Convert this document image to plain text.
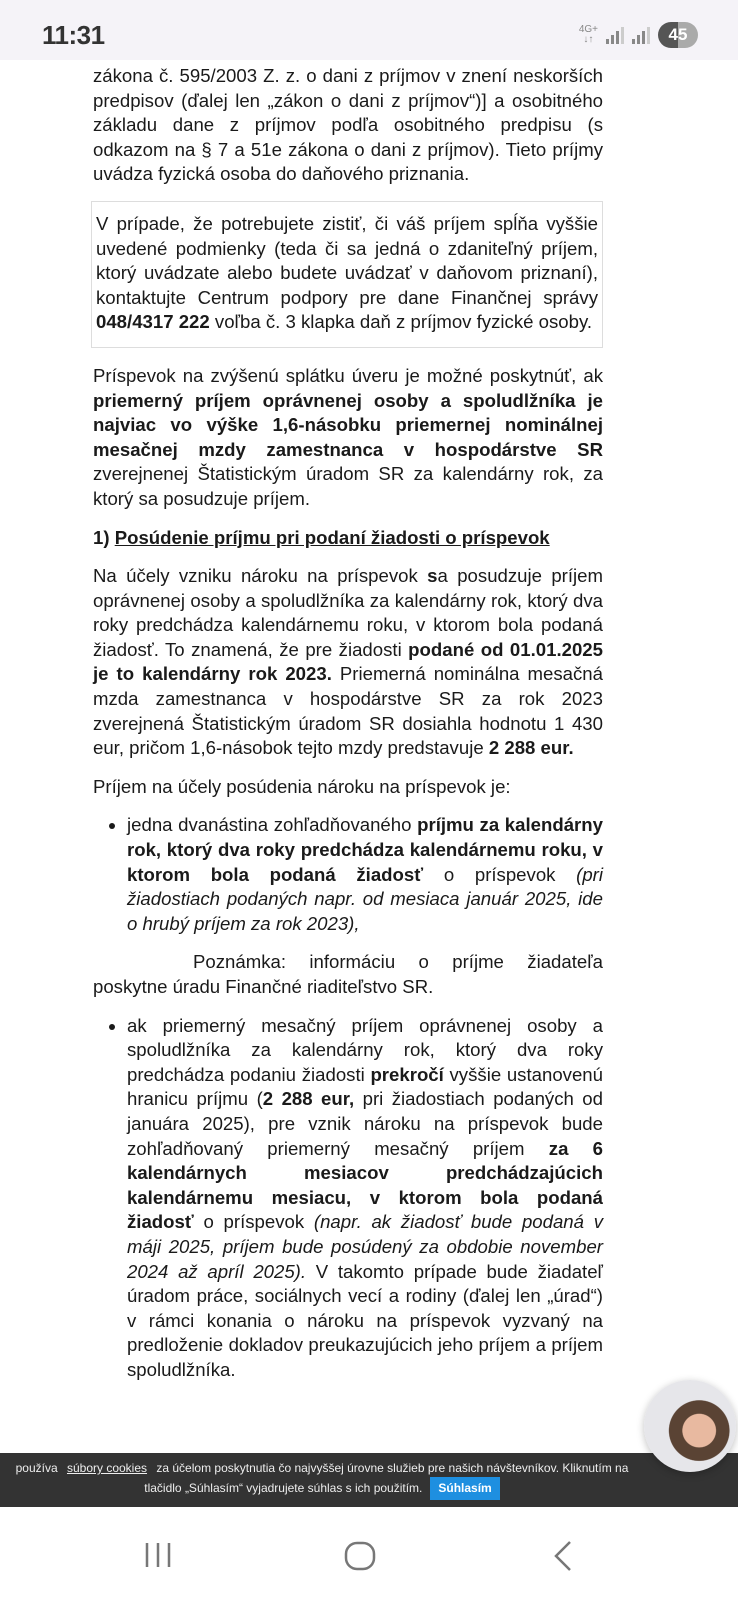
11:31	4G+
↓↑	45

zákona č. 595/2003 Z. z. o dani z príjmov v znení neskorších predpisov (ďalej len „zákon o dani z príjmov“)] a osobitného základu dane z príjmov podľa osobitného predpisu (s odkazom na § 7 a 51e zákona o dani z príjmov). Tieto príjmy uvádza fyzická osoba do daňového priznania.

V prípade, že potrebujete zistiť, či váš príjem spĺňa vyššie uvedené podmienky (teda či sa jedná o zdaniteľný príjem, ktorý uvádzate alebo budete uvádzať v daňovom priznaní), kontaktujte Centrum podpory pre dane Finančnej správy 048/4317 222 voľba č. 3 klapka daň z príjmov fyzické osoby.

Príspevok na zvýšenú splátku úveru je možné poskytnúť, ak priemerný príjem oprávnenej osoby a spoludlžníka je najviac vo výške 1,6-násobku priemernej nominálnej mesačnej mzdy zamestnanca v hospodárstve SR zverejnenej Štatistickým úradom SR za kalendárny rok, za ktorý sa posudzuje príjem.

1) Posúdenie príjmu pri podaní žiadosti o príspevok

Na účely vzniku nároku na príspevok sa posudzuje príjem oprávnenej osoby a spoludlžníka za kalendárny rok, ktorý dva roky predchádza kalendárnemu roku, v ktorom bola podaná žiadosť. To znamená, že pre žiadosti podané od 01.01.2025 je to kalendárny rok 2023. Priemerná nominálna mesačná mzda zamestnanca v hospodárstve SR za rok 2023 zverejnená Štatistickým úradom SR dosiahla hodnotu 1 430 eur, pričom 1,6-násobok tejto mzdy predstavuje 2 288 eur.

Príjem na účely posúdenia nároku na príspevok je:

• jedna dvanástina zohľadňovaného príjmu za kalendárny rok, ktorý dva roky predchádza kalendárnemu roku, v ktorom bola podaná žiadosť o príspevok (pri žiadostiach podaných napr. od mesiaca január 2025, ide o hrubý príjem za rok 2023),

Poznámka: informáciu o príjme žiadateľa poskytne úradu Finančné riaditeľstvo SR.

• ak priemerný mesačný príjem oprávnenej osoby a spoludlžníka za kalendárny rok, ktorý dva roky predchádza podaniu žiadosti prekročí vyššie ustanovenú hranicu príjmu (2 288 eur, pri žiadostiach podaných od januára 2025), pre vznik nároku na príspevok bude zohľadňovaný priemerný mesačný príjem za 6 kalendárnych mesiacov predchádzajúcich kalendárnemu mesiacu, v ktorom bola podaná žiadosť o príspevok (napr. ak žiadosť bude podaná v máji 2025, príjem bude posúdený za obdobie november 2024 až apríl 2025). V takomto prípade bude žiadateľ úradom práce, sociálnych vecí a rodiny (ďalej len „úrad“) v rámci konania o nároku na príspevok vyzvaný na predloženie dokladov preukazujúcich jeho príjem a príjem spoludlžníka.
používa súbory cookies za účelom poskytnutia čo najvyššej úrovne služieb pre našich návštevníkov. Kliknutím na tlačidlo „Súhlasím“ vyjadrujete súhlas s ich použitím. Súhlasím
